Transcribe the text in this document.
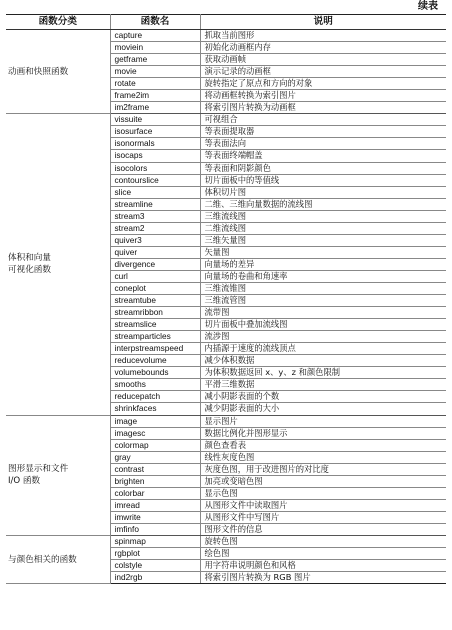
续表
函数分类	函数名	说明
动画和快照函数	capture	抓取当前图形
	moviein	初始化动画框内存
	getframe	获取动画帧
	movie	演示记录的动画框
	rotate	旋转指定了原点和方向的对象
	frame2im	将动画框转换为索引图片
	im2frame	将索引图片转换为动画框
体积和向量
可视化函数	vissuite	可视组合
	isosurface	等表面提取器
	isonormals	等表面法向
	isocaps	等表面终端帽盖
	isocolors	等表面和阴影颜色
	contourslice	切片面板中的等值线
	slice	体积切片图
	streamline	二维、三维向量数据的流线图
	stream3	三维流线图
	stream2	二维流线图
	quiver3	三维矢量图
	quiver	矢量图
	divergence	向量场的差异
	curl	向量场的卷曲和角速率
	coneplot	三维流锥图
	streamtube	三维流管图
	streamribbon	流带图
	streamslice	切片面板中叠加流线图
	streamparticles	流涉图
	interpstreamspeed	内插源于速度的流线顶点
	reducevolume	减少体积数据
	volumebounds	为体积数据返回 x、y、z 和颜色限制
	smooths	平滑三维数据
	reducepatch	减小阴影表面的个数
	shrinkfaces	减少阴影表面的大小
图形显示和文件
I/O 函数	image	显示图片
	imagesc	数据比例化并图形显示
	colormap	颜色查看表
	gray	线性灰度色图
	contrast	灰度色图，用于改进图片的对比度
	brighten	加亮或变暗色图
	colorbar	显示色图
	imread	从图形文件中读取图片
	imwrite	从图形文件中写图片
	imfinfo	图形文件的信息
与颜色相关的函数	spinmap	旋转色图
	rgbplot	绘色图
	colstyle	用字符串说明颜色和风格
	ind2rgb	将索引图片转换为 RGB 图片
